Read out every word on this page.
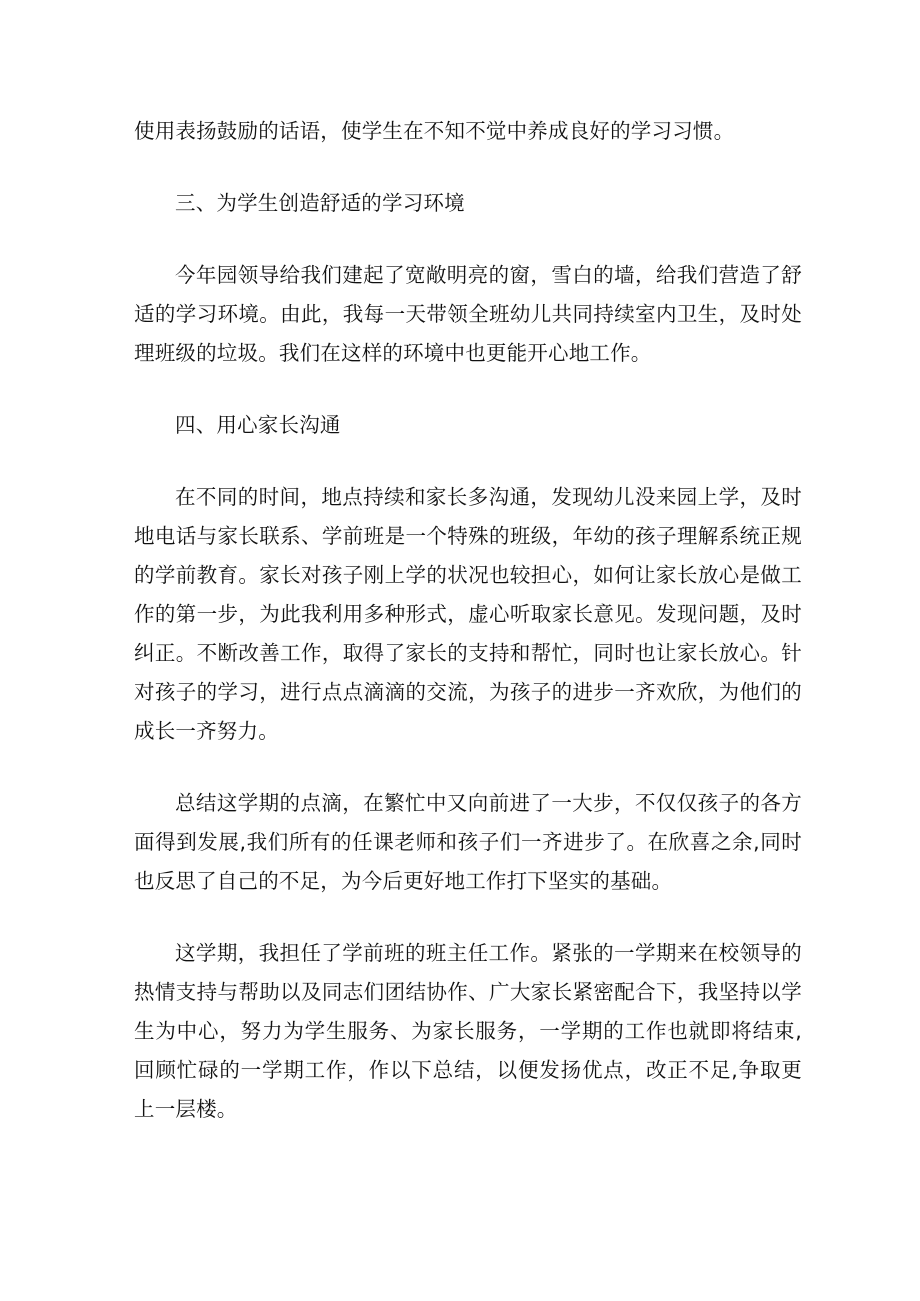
使用表扬鼓励的话语，使学生在不知不觉中养成良好的学习习惯。

三、为学生创造舒适的学习环境

今年园领导给我们建起了宽敞明亮的窗，雪白的墙，给我们营造了舒适的学习环境。由此，我每一天带领全班幼儿共同持续室内卫生，及时处理班级的垃圾。我们在这样的环境中也更能开心地工作。

四、用心家长沟通

在不同的时间，地点持续和家长多沟通，发现幼儿没来园上学，及时地电话与家长联系、学前班是一个特殊的班级，年幼的孩子理解系统正规的学前教育。家长对孩子刚上学的状况也较担心，如何让家长放心是做工作的第一步，为此我利用多种形式，虚心听取家长意见。发现问题，及时纠正。不断改善工作，取得了家长的支持和帮忙，同时也让家长放心。针对孩子的学习，进行点点滴滴的交流，为孩子的进步一齐欢欣，为他们的成长一齐努力。

总结这学期的点滴，在繁忙中又向前进了一大步，不仅仅孩子的各方面得到发展,我们所有的任课老师和孩子们一齐进步了。在欣喜之余,同时也反思了自己的不足，为今后更好地工作打下坚实的基础。

这学期，我担任了学前班的班主任工作。紧张的一学期来在校领导的热情支持与帮助以及同志们团结协作、广大家长紧密配合下，我坚持以学生为中心，努力为学生服务、为家长服务，一学期的工作也就即将结束,回顾忙碌的一学期工作，作以下总结，以便发扬优点，改正不足,争取更上一层楼。
